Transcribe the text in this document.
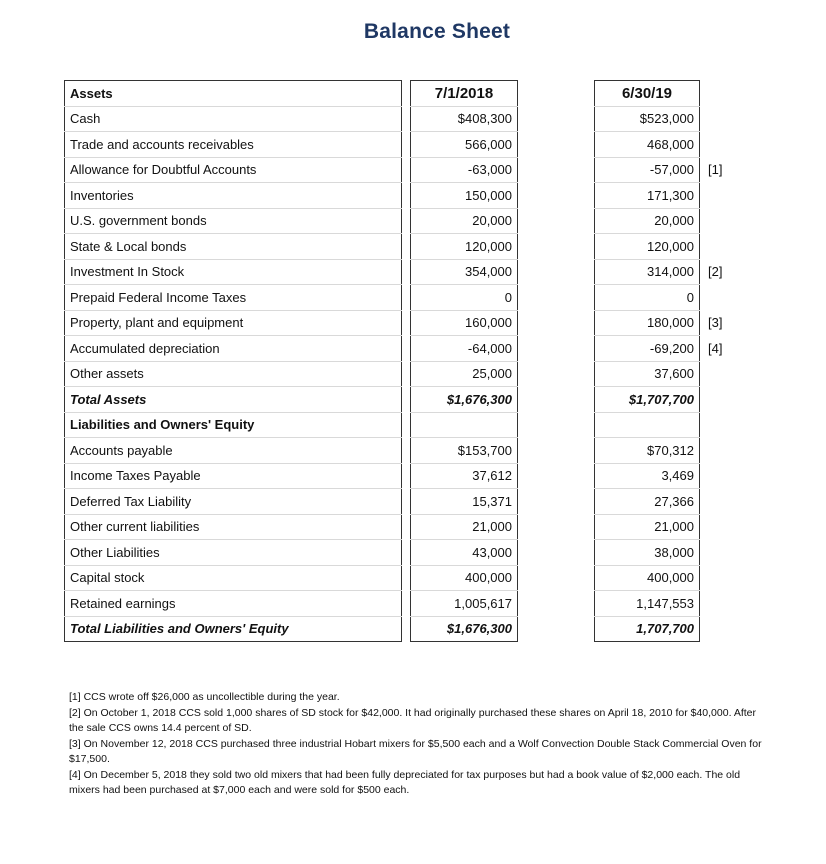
Balance Sheet
Assets		7/1/2018		6/30/19	
Cash		$408,300		$523,000	
Trade and accounts receivables		566,000		468,000	
Allowance for Doubtful Accounts		-63,000		-57,000	[1]
Inventories		150,000		171,300	
U.S. government bonds		20,000		20,000	
State & Local bonds		120,000		120,000	
Investment In Stock		354,000		314,000	[2]
Prepaid Federal Income Taxes		0		0	
Property, plant and equipment		160,000		180,000	[3]
Accumulated depreciation		-64,000		-69,200	[4]
Other assets		25,000		37,600	
Total Assets		$1,676,300		$1,707,700	
Liabilities and Owners' Equity					
Accounts payable		$153,700		$70,312	
Income Taxes Payable		37,612		3,469	
Deferred Tax Liability		15,371		27,366	
Other current liabilities		21,000		21,000	
Other Liabilities		43,000		38,000	
Capital stock		400,000		400,000	
Retained earnings		1,005,617		1,147,553	
Total Liabilities and Owners' Equity		$1,676,300		1,707,700	

[1] CCS wrote off $26,000 as uncollectible during the year.

[2] On October 1, 2018 CCS sold 1,000 shares of SD stock for $42,000. It had originally purchased these shares on April 18, 2010 for $40,000. After the sale CCS owns 14.4 percent of SD.

[3] On November 12, 2018 CCS purchased three industrial Hobart mixers for $5,500 each and a Wolf Convection Double Stack Commercial Oven for $17,500.

[4] On December 5, 2018 they sold two old mixers that had been fully depreciated for tax purposes but had a book value of $2,000 each. The old mixers had been purchased at $7,000 each and were sold for $500 each.
